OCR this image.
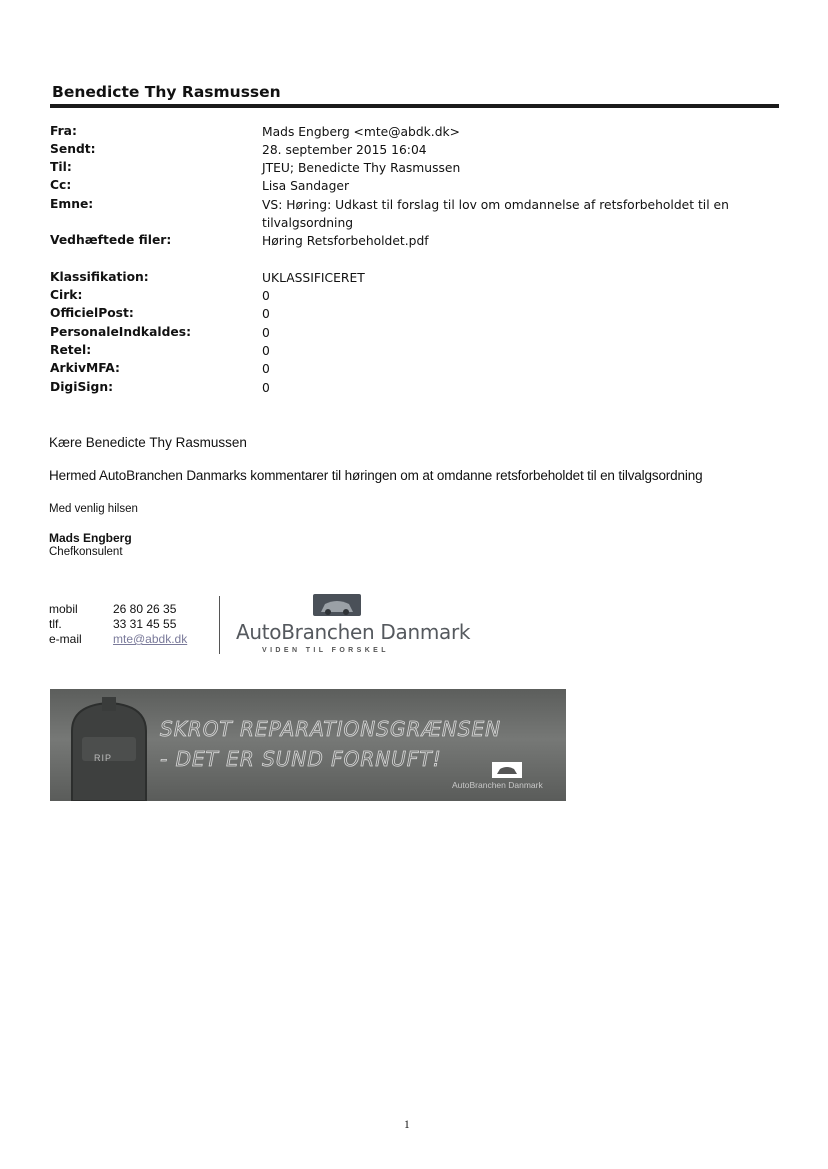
Benedicte Thy Rasmussen
Fra:	Mads Engberg <mte@abdk.dk>
Sendt:	28. september 2015 16:04
Til:	JTEU; Benedicte Thy Rasmussen
Cc:	Lisa Sandager
Emne:	VS: Høring: Udkast til forslag til lov om omdannelse af retsforbeholdet til en
tilvalgsordning
Vedhæftede filer:	Høring Retsforbeholdet.pdf
Klassifikation:	UKLASSIFICERET
Cirk:	0
OfficielPost:	0
PersonaleIndkaldes:	0
Retel:	0
ArkivMFA:	0
DigiSign:	0
Kære Benedicte Thy Rasmussen
Hermed AutoBranchen Danmarks kommentarer til høringen om at omdanne retsforbeholdet til en tilvalgsordning
Med venlig hilsen
Mads Engberg
Chefkonsulent
mobil	26 80 26 35
tlf.	33 31 45 55
e-mail	mte@abdk.dk AutoBranchen Danmark
VIDEN TIL FORSKEL
RIP
SKROT REPARATIONSGRÆNSEN
- DET ER SUND FORNUFT!
AutoBranchen Danmark
1
